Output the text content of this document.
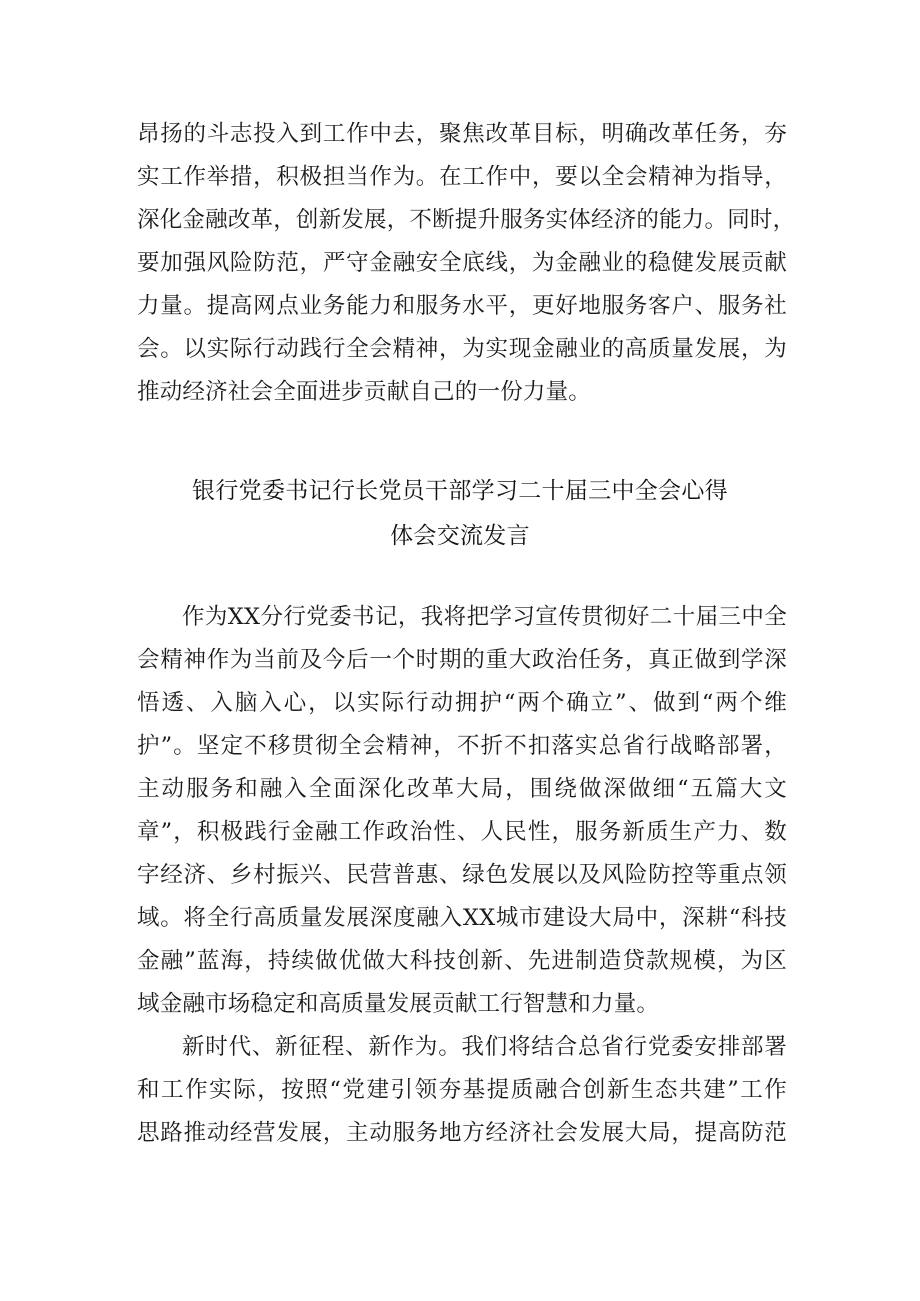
昂扬的斗志投入到工作中去，聚焦改革目标，明确改革任务，夯
实工作举措，积极担当作为。在工作中，要以全会精神为指导，
深化金融改革，创新发展，不断提升服务实体经济的能力。同时，
要加强风险防范，严守金融安全底线，为金融业的稳健发展贡献
力量。提高网点业务能力和服务水平，更好地服务客户、服务社
会。以实际行动践行全会精神，为实现金融业的高质量发展，为
推动经济社会全面进步贡献自己的一份力量。
银行党委书记行长党员干部学习二十届三中全会心得
体会交流发言
作为XX分行党委书记，我将把学习宣传贯彻好二十届三中全
会精神作为当前及今后一个时期的重大政治任务，真正做到学深
悟透、入脑入心，以实际行动拥护“两个确立”、做到“两个维
护”。坚定不移贯彻全会精神，不折不扣落实总省行战略部署，
主动服务和融入全面深化改革大局，围绕做深做细“五篇大文
章”，积极践行金融工作政治性、人民性，服务新质生产力、数
字经济、乡村振兴、民营普惠、绿色发展以及风险防控等重点领
域。将全行高质量发展深度融入XX城市建设大局中，深耕“科技
金融”蓝海，持续做优做大科技创新、先进制造贷款规模，为区
域金融市场稳定和高质量发展贡献工行智慧和力量。
新时代、新征程、新作为。我们将结合总省行党委安排部署
和工作实际，按照“党建引领夯基提质融合创新生态共建”工作
思路推动经营发展，主动服务地方经济社会发展大局，提高防范
